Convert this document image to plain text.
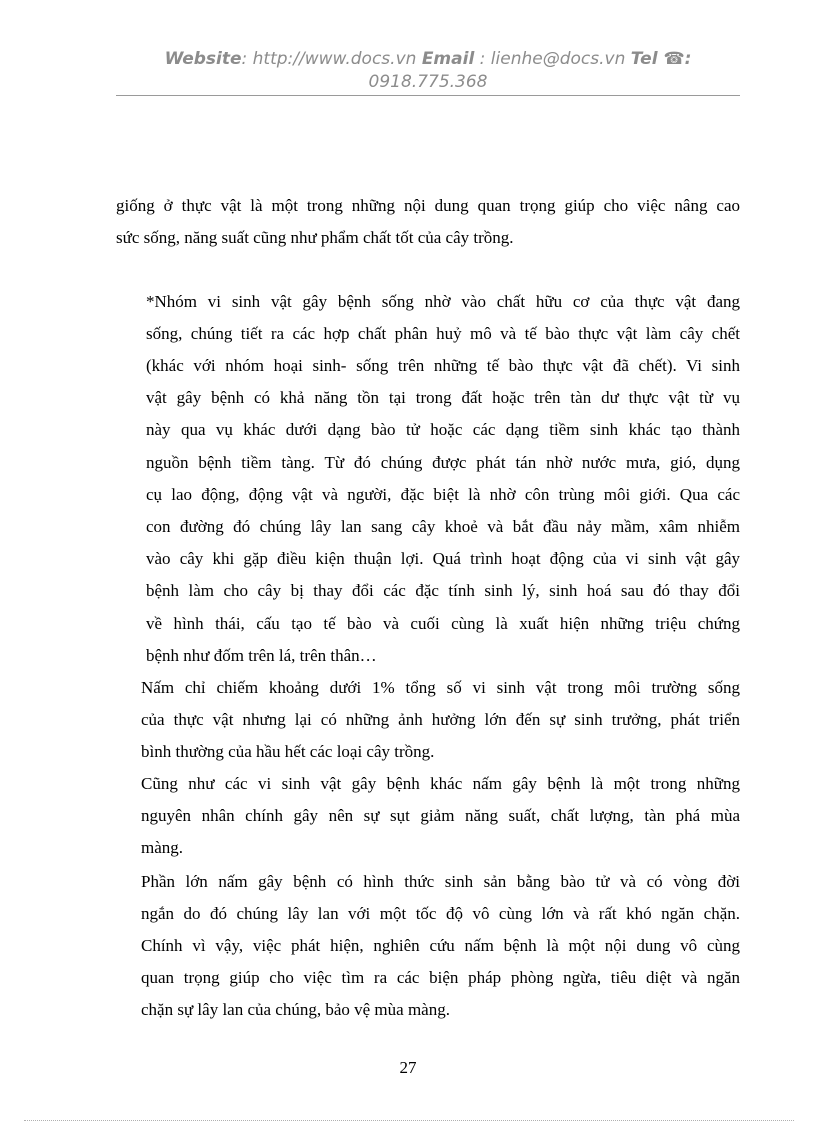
Website: http://www.docs.vn Email : lienhe@docs.vn Tel ☎:
0918.775.368
giống ở thực vật là một trong những nội dung quan trọng giúp cho việc nâng cao
sức sống, năng suất cũng như phẩm chất tốt của cây trồng.
*Nhóm vi sinh vật gây bệnh sống nhờ vào chất hữu cơ của thực vật đang
sống, chúng tiết ra các hợp chất phân huỷ mô và tế bào thực vật làm cây chết
(khác với nhóm hoại sinh- sống trên những tế bào thực vật đã chết). Vi sinh
vật gây bệnh có khả năng tồn tại trong đất hoặc trên tàn dư thực vật từ vụ
này qua vụ khác dưới dạng bào tử hoặc các dạng tiềm sinh khác tạo thành
nguồn bệnh tiềm tàng. Từ đó chúng được phát tán nhờ nước mưa, gió, dụng
cụ lao động, động vật và người, đặc biệt là nhờ côn trùng môi giới. Qua các
con đường đó chúng lây lan sang cây khoẻ và bắt đầu nảy mầm, xâm nhiễm
vào cây khi gặp điều kiện thuận lợi. Quá trình hoạt động của vi sinh vật gây
bệnh làm cho cây bị thay đổi các đặc tính sinh lý, sinh hoá sau đó thay đổi
về hình thái, cấu tạo tế bào và cuối cùng là xuất hiện những triệu chứng
bệnh như đốm trên lá, trên thân…
Nấm chỉ chiếm khoảng dưới 1% tổng số vi sinh vật trong môi trường sống
của thực vật nhưng lại có những ảnh hưởng lớn đến sự sinh trưởng, phát triển
bình thường của hầu hết các loại cây trồng.
Cũng như các vi sinh vật gây bệnh khác nấm gây bệnh là một trong những
nguyên nhân chính gây nên sự sụt giảm năng suất, chất lượng, tàn phá mùa
màng.
Phần lớn nấm gây bệnh có hình thức sinh sản bằng bào tử và có vòng đời
ngắn do đó chúng lây lan với một tốc độ vô cùng lớn và rất khó ngăn chặn.
Chính vì vậy, việc phát hiện, nghiên cứu nấm bệnh là một nội dung vô cùng
quan trọng giúp cho việc tìm ra các biện pháp phòng ngừa, tiêu diệt và ngăn
chặn sự lây lan của chúng, bảo vệ mùa màng.
27
